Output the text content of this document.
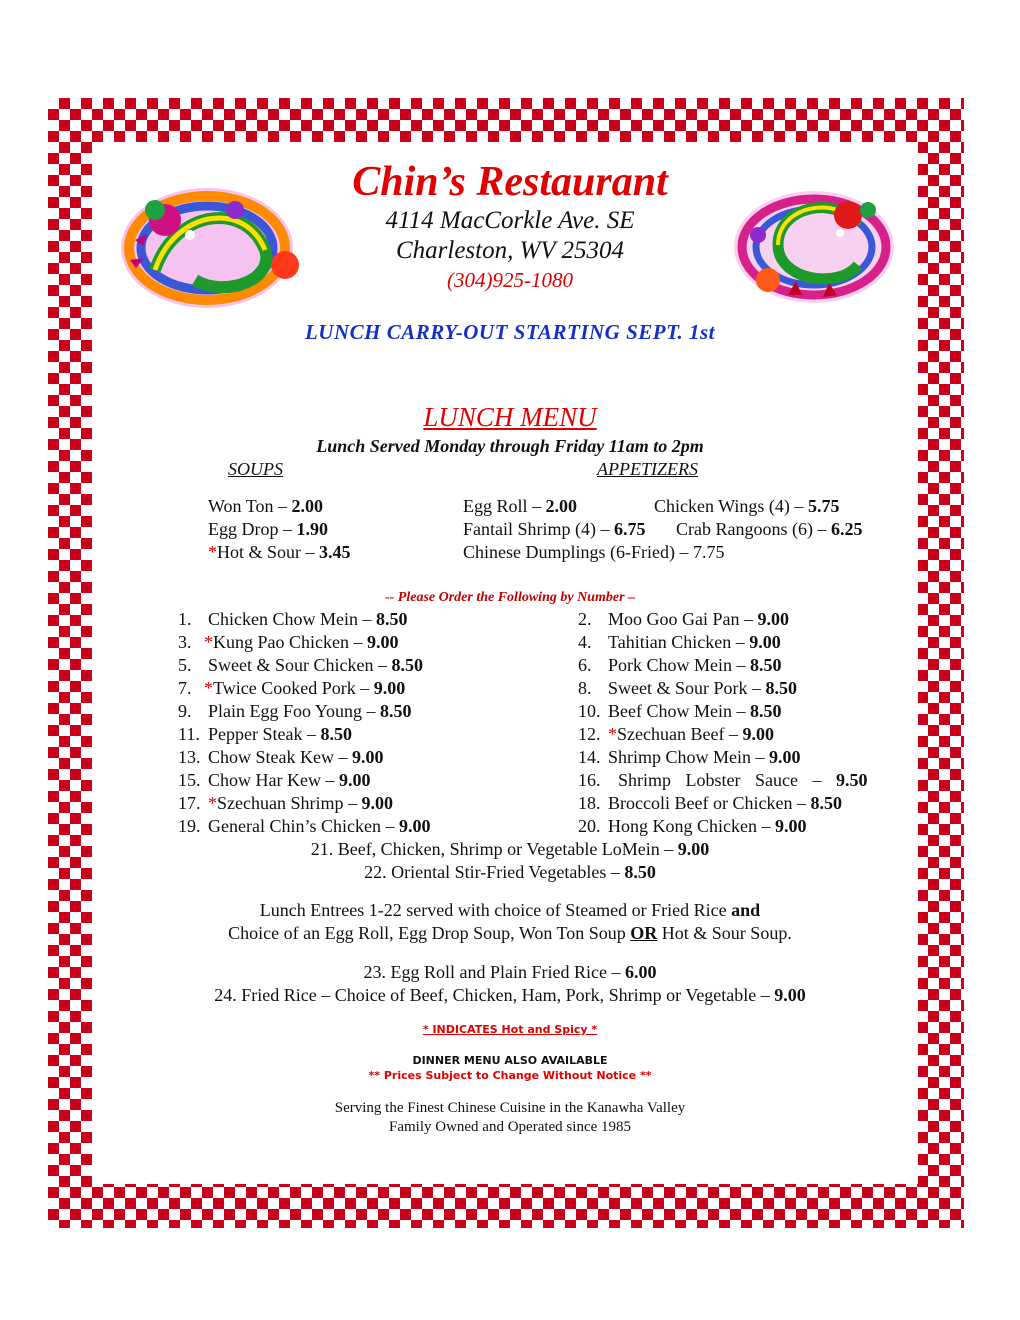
Chin’s Restaurant
4114 MacCorkle Ave. SE
Charleston, WV 25304
(304)925-1080
LUNCH CARRY-OUT STARTING SEPT. 1st
LUNCH MENU
Lunch Served Monday through Friday 11am to 2pm
SOUPS	APPETIZERS
Won Ton – 2.00
Egg Drop – 1.90
*Hot & Sour – 3.45
Egg Roll – 2.00	Chicken Wings (4) – 5.75
Fantail Shrimp (4) – 6.75 Crab Rangoons (6) – 6.25
Chinese Dumplings (6-Fried) – 7.75
-- Please Order the Following by Number –
1. Chicken Chow Mein – 8.50
3. *Kung Pao Chicken – 9.00
5. Sweet & Sour Chicken – 8.50
7. *Twice Cooked Pork – 9.00
9. Plain Egg Foo Young – 8.50
11. Pepper Steak – 8.50
13. Chow Steak Kew – 9.00
15. Chow Har Kew – 9.00
17. *Szechuan Shrimp – 9.00
19. General Chin’s Chicken – 9.00
2. Moo Goo Gai Pan – 9.00
4. Tahitian Chicken – 9.00
6. Pork Chow Mein – 8.50
8. Sweet & Sour Pork – 8.50
10. Beef Chow Mein – 8.50
12. *Szechuan Beef – 9.00
14. Shrimp Chow Mein – 9.00
16. Shrimp Lobster Sauce – 9.50
18. Broccoli Beef or Chicken – 8.50
20. Hong Kong Chicken – 9.00
21. Beef, Chicken, Shrimp or Vegetable LoMein – 9.00
22. Oriental Stir-Fried Vegetables – 8.50
Lunch Entrees 1-22 served with choice of Steamed or Fried Rice and
Choice of an Egg Roll, Egg Drop Soup, Won Ton Soup OR Hot & Sour Soup.
23. Egg Roll and Plain Fried Rice – 6.00
24. Fried Rice – Choice of Beef, Chicken, Ham, Pork, Shrimp or Vegetable – 9.00
* INDICATES Hot and Spicy *
DINNER MENU ALSO AVAILABLE
** Prices Subject to Change Without Notice **
Serving the Finest Chinese Cuisine in the Kanawha Valley
Family Owned and Operated since 1985
